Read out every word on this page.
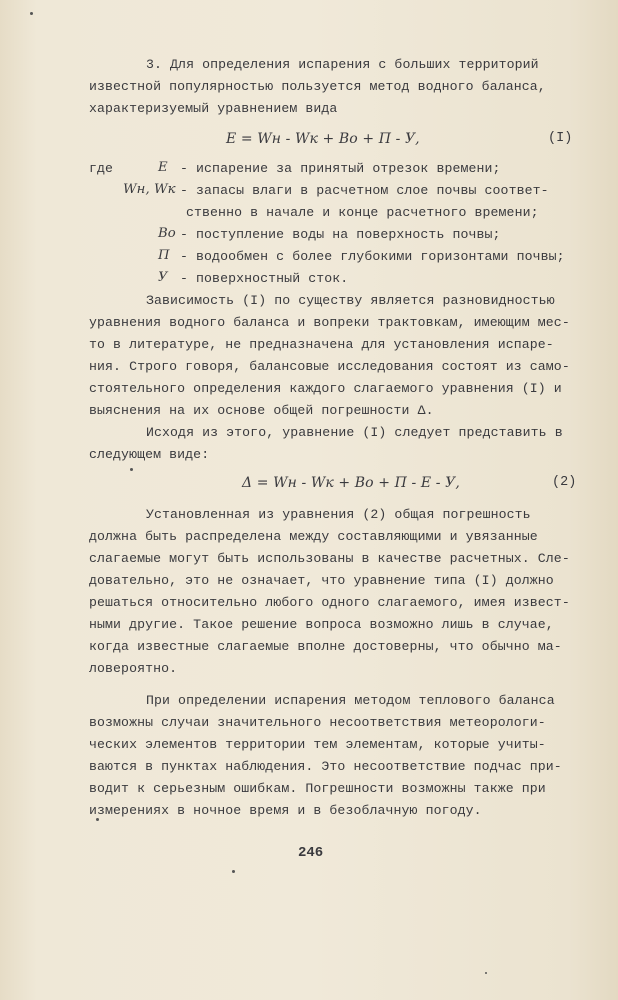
3. Для определения испарения с больших территорий
известной популярностью пользуется метод водного баланса,
характеризуемый уравнением вида
E = Wн - Wк + Bo + П - У,	(I)
где	E - испарение за принятый отрезок времени;
Wн, Wк - запасы влаги в расчетном слое почвы соответ-
ственно в начале и конце расчетного времени;
Bo - поступление воды на поверхность почвы;
П - водообмен с более глубокими горизонтами почвы;
У - поверхностный сток.
Зависимость (I) по существу является разновидностью
уравнения водного баланса и вопреки трактовкам, имеющим мес-
то в литературе, не предназначена для установления испаре-
ния. Строго говоря, балансовые исследования состоят из само-
стоятельного определения каждого слагаемого уравнения (I) и
выяснения на их основе общей погрешности Δ.
Исходя из этого, уравнение (I) следует представить в
следующем виде:
Δ = Wн - Wк + Bo + П - E - У,	(2)
Установленная из уравнения (2) общая погрешность
должна быть распределена между составляющими и увязанные
слагаемые могут быть использованы в качестве расчетных. Сле-
довательно, это не означает, что уравнение типа (I) должно
решаться относительно любого одного слагаемого, имея извест-
ными другие. Такое решение вопроса возможно лишь в случае,
когда известные слагаемые вполне достоверны, что обычно ма-
ловероятно.
При определении испарения методом теплового баланса
возможны случаи значительного несоответствия метеорологи-
ческих элементов территории тем элементам, которые учиты-
ваются в пунктах наблюдения. Это несоответствие подчас при-
водит к серьезным ошибкам. Погрешности возможны также при
измерениях в ночное время и в безоблачную погоду.
246
